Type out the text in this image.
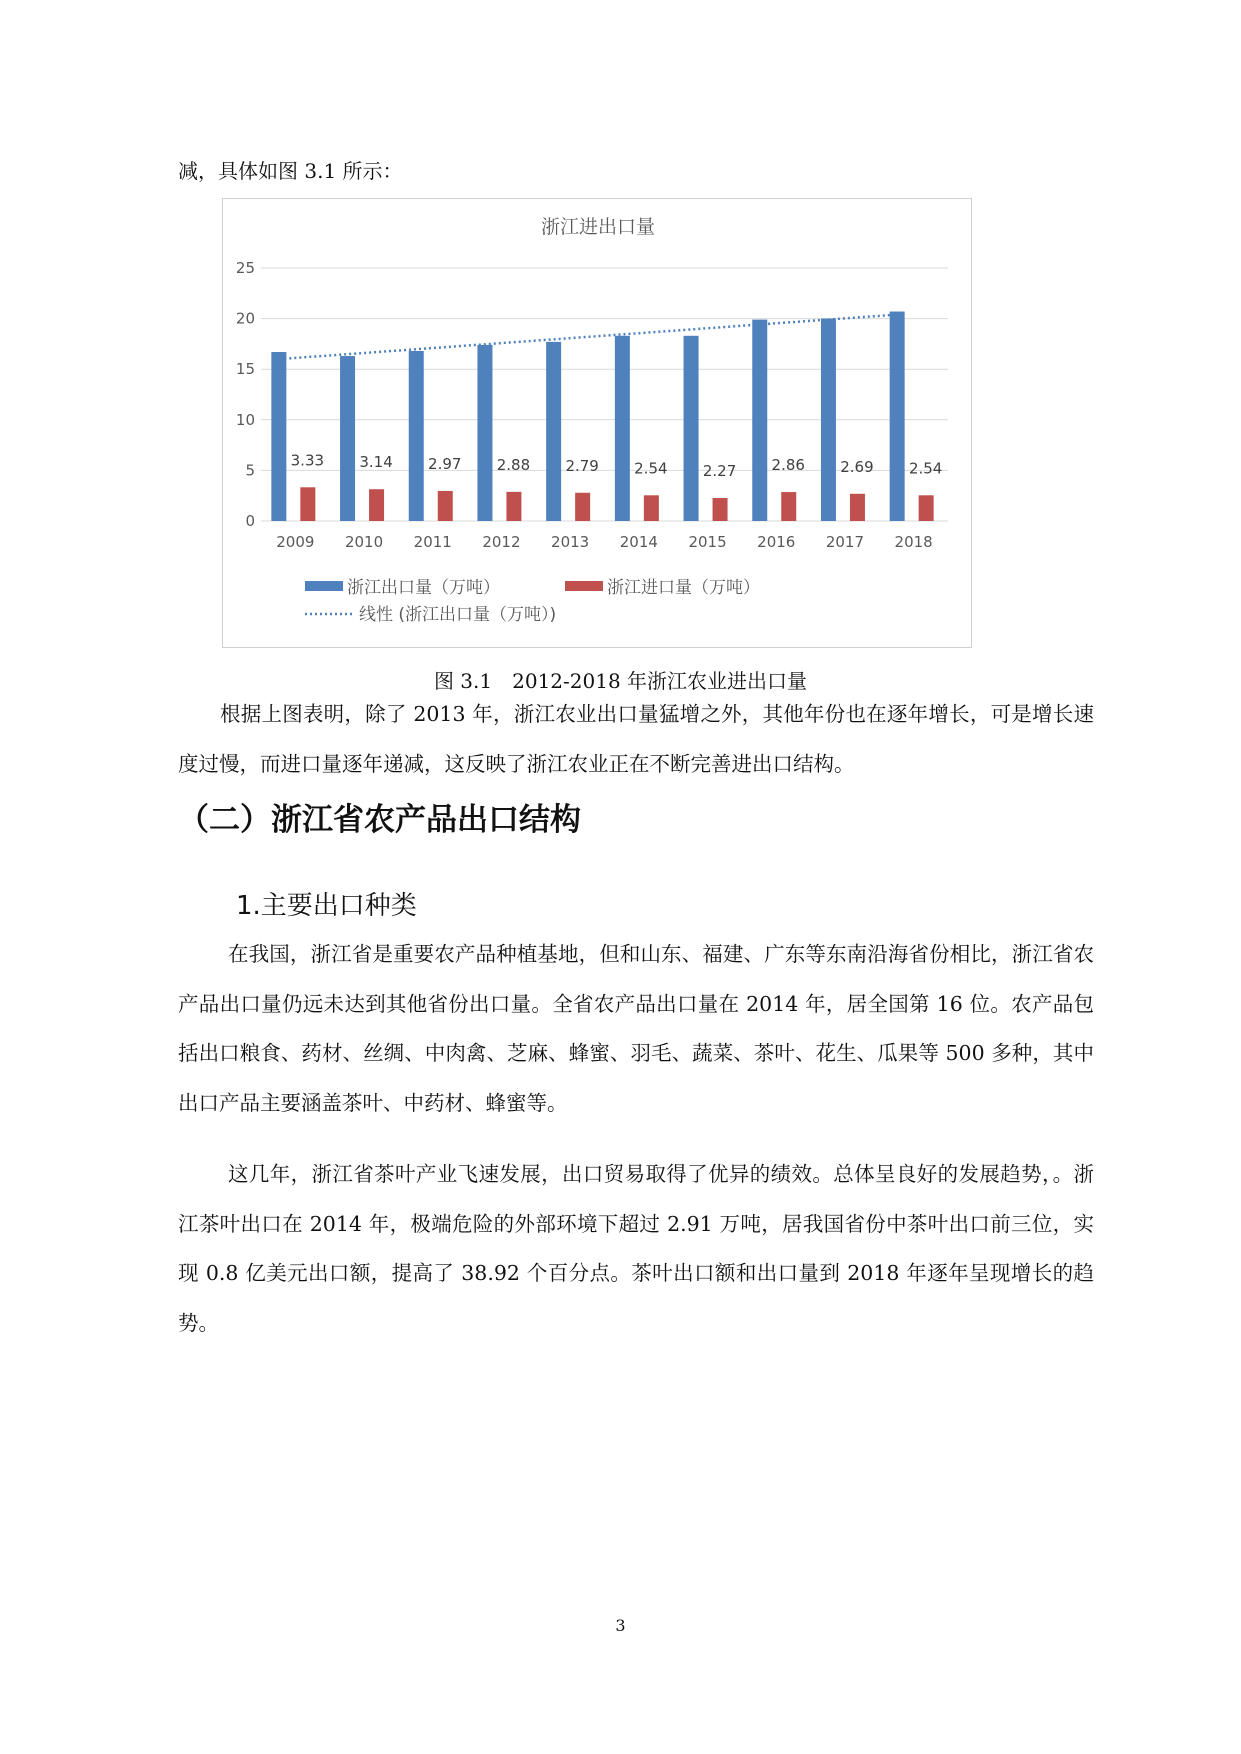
减，具体如图 3.1 所示：
浙江进出口量
0
5
10
15
20
25
3.33
2009
3.14
2010
2.97
2011
2.88
2012
2.79
2013
2.54
2014
2.27
2015
2.86
2016
2.69
2017
2.54
2018
浙江出口量（万吨）	浙江进口量（万吨）
线性 (浙江出口量（万吨）)
图 3.1　2012-2018 年浙江农业进出口量
根据上图表明，除了 2013 年，浙江农业出口量猛增之外，其他年份也在逐年增长，可是增长速度过慢，而进口量逐年递减，这反映了浙江农业正在不断完善进出口结构。
（二）浙江省农产品出口结构
1.主要出口种类
在我国，浙江省是重要农产品种植基地，但和山东、福建、广东等东南沿海省份相比，浙江省农产品出口量仍远未达到其他省份出口量。全省农产品出口量在 2014 年，居全国第 16 位。农产品包括出口粮食、药材、丝绸、中肉禽、芝麻、蜂蜜、羽毛、蔬菜、茶叶、花生、瓜果等 500 多种，其中出口产品主要涵盖茶叶、中药材、蜂蜜等。
这几年，浙江省茶叶产业飞速发展，出口贸易取得了优异的绩效。总体呈良好的发展趋势，。浙江茶叶出口在 2014 年，极端危险的外部环境下超过 2.91 万吨，居我国省份中茶叶出口前三位，实现 0.8 亿美元出口额，提高了 38.92 个百分点。茶叶出口额和出口量到 2018 年逐年呈现增长的趋势。
3
